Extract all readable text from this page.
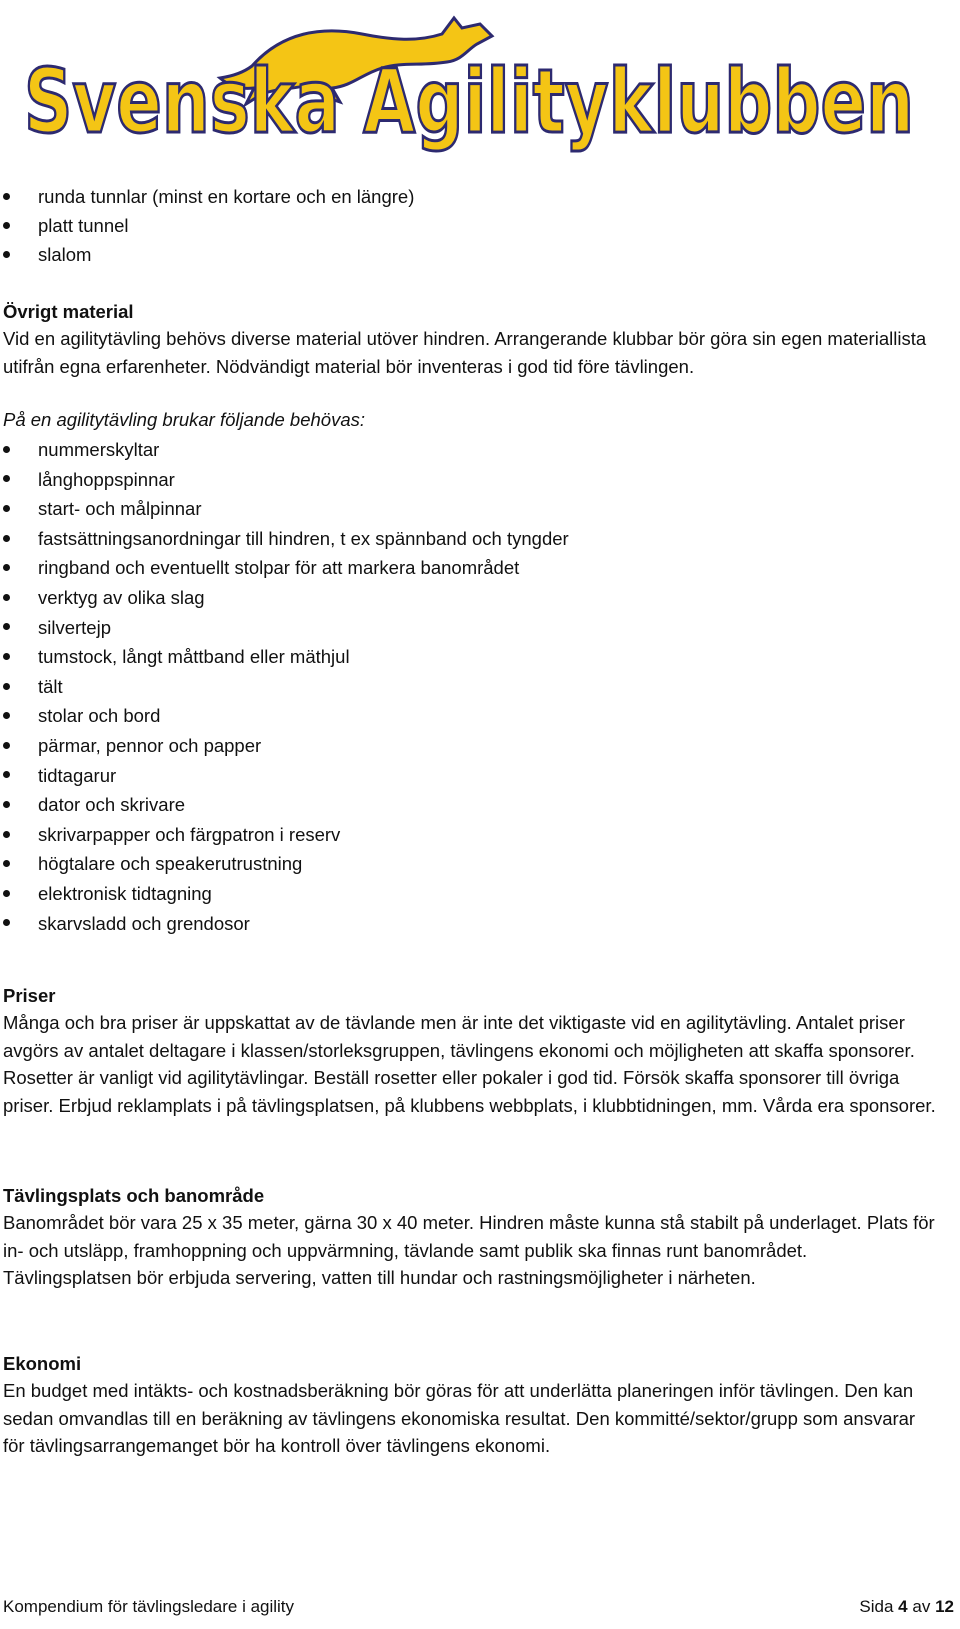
Svenska Agilityklubben
runda tunnlar (minst en kortare och en längre)
platt tunnel
slalom

Övrigt material

Vid en agilitytävling behövs diverse material utöver hindren. Arrangerande klubbar bör göra sin egen materiallista utifrån egna erfarenheter. Nödvändigt material bör inventeras i god tid före tävlingen.

På en agilitytävling brukar följande behövas:

nummerskyltar
långhoppspinnar
start- och målpinnar
fastsättningsanordningar till hindren, t ex spännband och tyngder
ringband och eventuellt stolpar för att markera banområdet
verktyg av olika slag
silvertejp
tumstock, långt måttband eller mäthjul
tält
stolar och bord
pärmar, pennor och papper
tidtagarur
dator och skrivare
skrivarpapper och färgpatron i reserv
högtalare och speakerutrustning
elektronisk tidtagning
skarvsladd och grendosor

Priser

Många och bra priser är uppskattat av de tävlande men är inte det viktigaste vid en agilitytävling. Antalet priser avgörs av antalet deltagare i klassen/storleksgruppen, tävlingens ekonomi och möjligheten att skaffa sponsorer. Rosetter är vanligt vid agilitytävlingar. Beställ rosetter eller pokaler i god tid. Försök skaffa sponsorer till övriga priser. Erbjud reklamplats i på tävlingsplatsen, på klubbens webbplats, i klubbtidningen, mm. Vårda era sponsorer.

Tävlingsplats och banområde

Banområdet bör vara 25 x 35 meter, gärna 30 x 40 meter. Hindren måste kunna stå stabilt på underlaget. Plats för in- och utsläpp, framhoppning och uppvärmning, tävlande samt publik ska finnas runt banområdet. Tävlingsplatsen bör erbjuda servering, vatten till hundar och rastningsmöjligheter i närheten.

Ekonomi

En budget med intäkts- och kostnadsberäkning bör göras för att underlätta planeringen inför tävlingen. Den kan sedan omvandlas till en beräkning av tävlingens ekonomiska resultat. Den kommitté/sektor/grupp som ansvarar för tävlingsarrangemanget bör ha kontroll över tävlingens ekonomi.

Kompendium för tävlingsledare i agility	Sida 4 av 12
